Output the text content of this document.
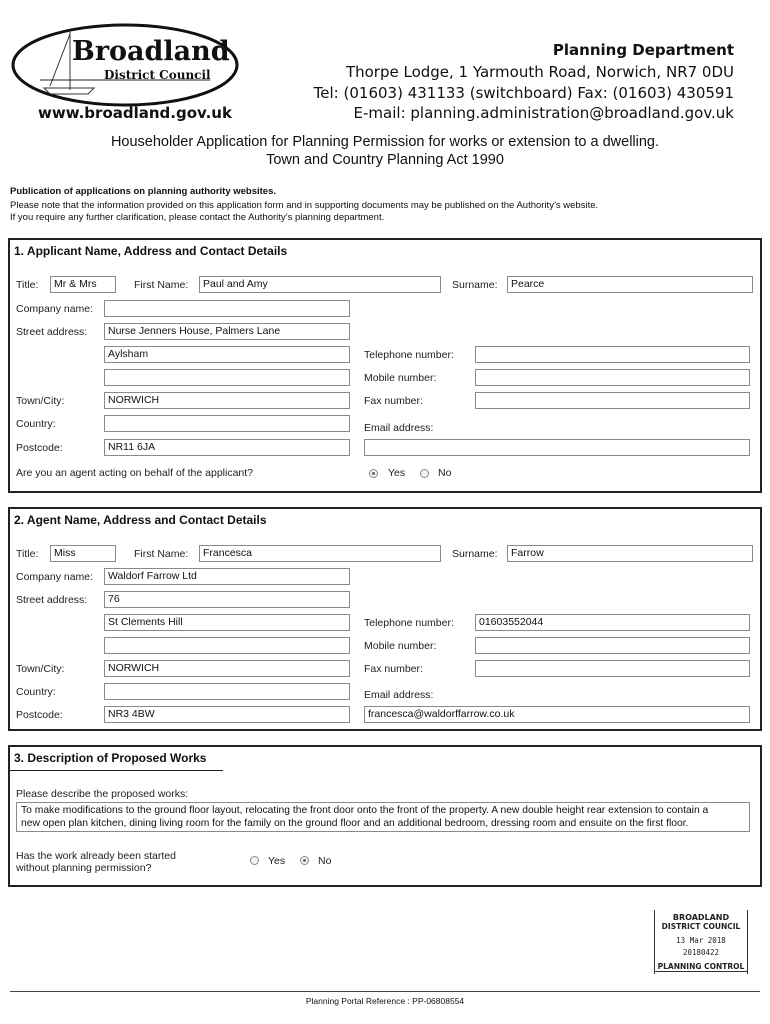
Broadland
District Council
www.broadland.gov.uk
Planning Department
Thorpe Lodge, 1 Yarmouth Road, Norwich, NR7 0DU
Tel: (01603) 431133 (switchboard) Fax: (01603) 430591
E-mail: planning.administration@broadland.gov.uk
Householder Application for Planning Permission for works or extension to a dwelling.
Town and Country Planning Act 1990
Publication of applications on planning authority websites.
Please note that the information provided on this application form and in supporting documents may be published on the Authority’s website.
If you require any further clarification, please contact the Authority’s planning department.
1. Applicant Name, Address and Contact Details
Title:	Mr & Mrs	First Name:	Paul and Amy	Surname:	Pearce
Company name:
Street address:	Nurse Jenners House, Palmers Lane
Aylsham
Town/City:	NORWICH
Country:
Postcode:	NR11 6JA
Telephone number:
Mobile number:
Fax number:
Email address:
Are you an agent acting on behalf of the applicant?	Yes	No
2. Agent Name, Address and Contact Details
Title:	Miss	First Name:	Francesca	Surname:	Farrow
Company name:	Waldorf Farrow Ltd
Street address:	76
St Clements Hill
Town/City:	NORWICH
Country:
Postcode:	NR3 4BW
Telephone number:	01603552044
Mobile number:
Fax number:
Email address:
francesca@waldorffarrow.co.uk
3. Description of Proposed Works
Please describe the proposed works:
To make modifications to the ground floor layout, relocating the front door onto the front of the property. A new double height rear extension to contain a
new open plan kitchen, dining living room for the family on the ground floor and an additional bedroom, dressing room and ensuite on the first floor.
Has the work already been started
without planning permission?
Yes	No
BROADLAND
DISTRICT COUNCIL
13 Mar 2018
20180422
PLANNING CONTROL
Planning Portal Reference : PP-06808554
